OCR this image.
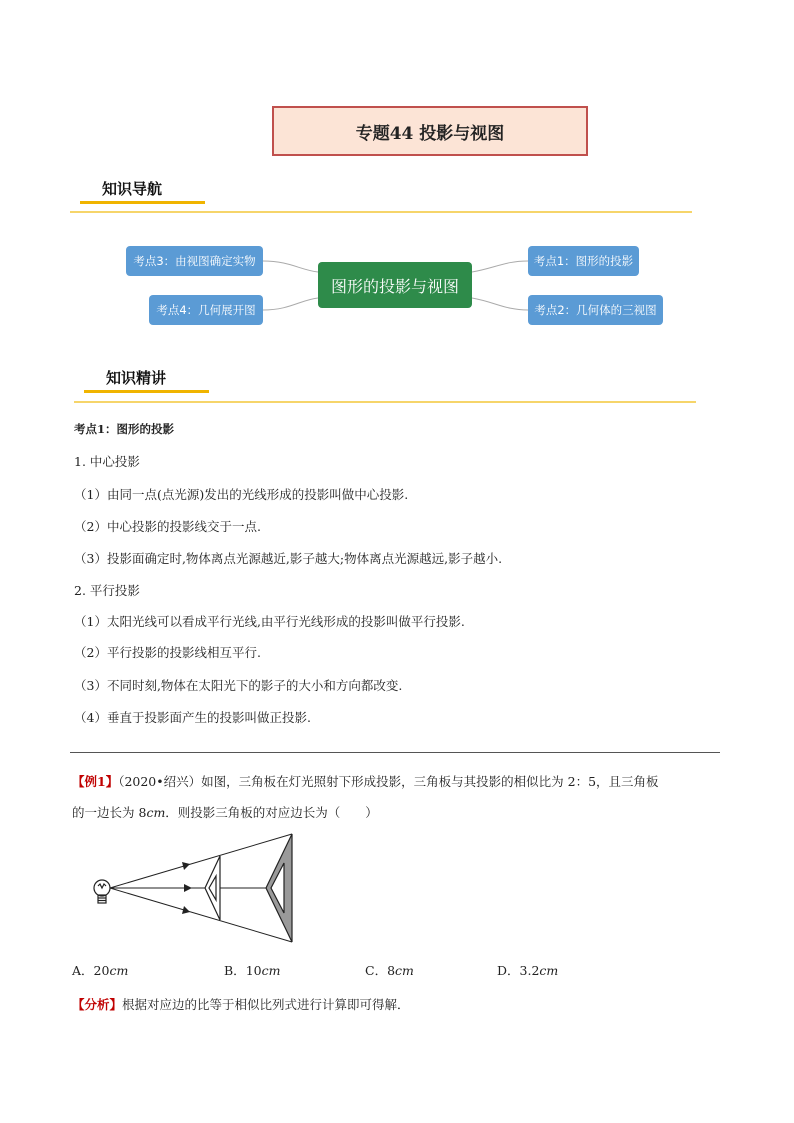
专题44 投影与视图
知识导航
考点3：由视图确定实物
考点4：几何展开图
图形的投影与视图
考点1：图形的投影
考点2：几何体的三视图
知识精讲
考点1：图形的投影
1. 中心投影
（1）由同一点(点光源)发出的光线形成的投影叫做中心投影.
（2）中心投影的投影线交于一点.
（3）投影面确定时,物体离点光源越近,影子越大;物体离点光源越远,影子越小.
2. 平行投影
（1）太阳光线可以看成平行光线,由平行光线形成的投影叫做平行投影.
（2）平行投影的投影线相互平行.
（3）不同时刻,物体在太阳光下的影子的大小和方向都改变.
（4）垂直于投影面产生的投影叫做正投影.
【例1】（2020•绍兴）如图，三角板在灯光照射下形成投影，三角板与其投影的相似比为 2：5，且三角板
的一边长为 8cm．则投影三角板的对应边长为（　　）
A．20cm	B．10cm	C．8cm	D．3.2cm
【分析】根据对应边的比等于相似比列式进行计算即可得解．
